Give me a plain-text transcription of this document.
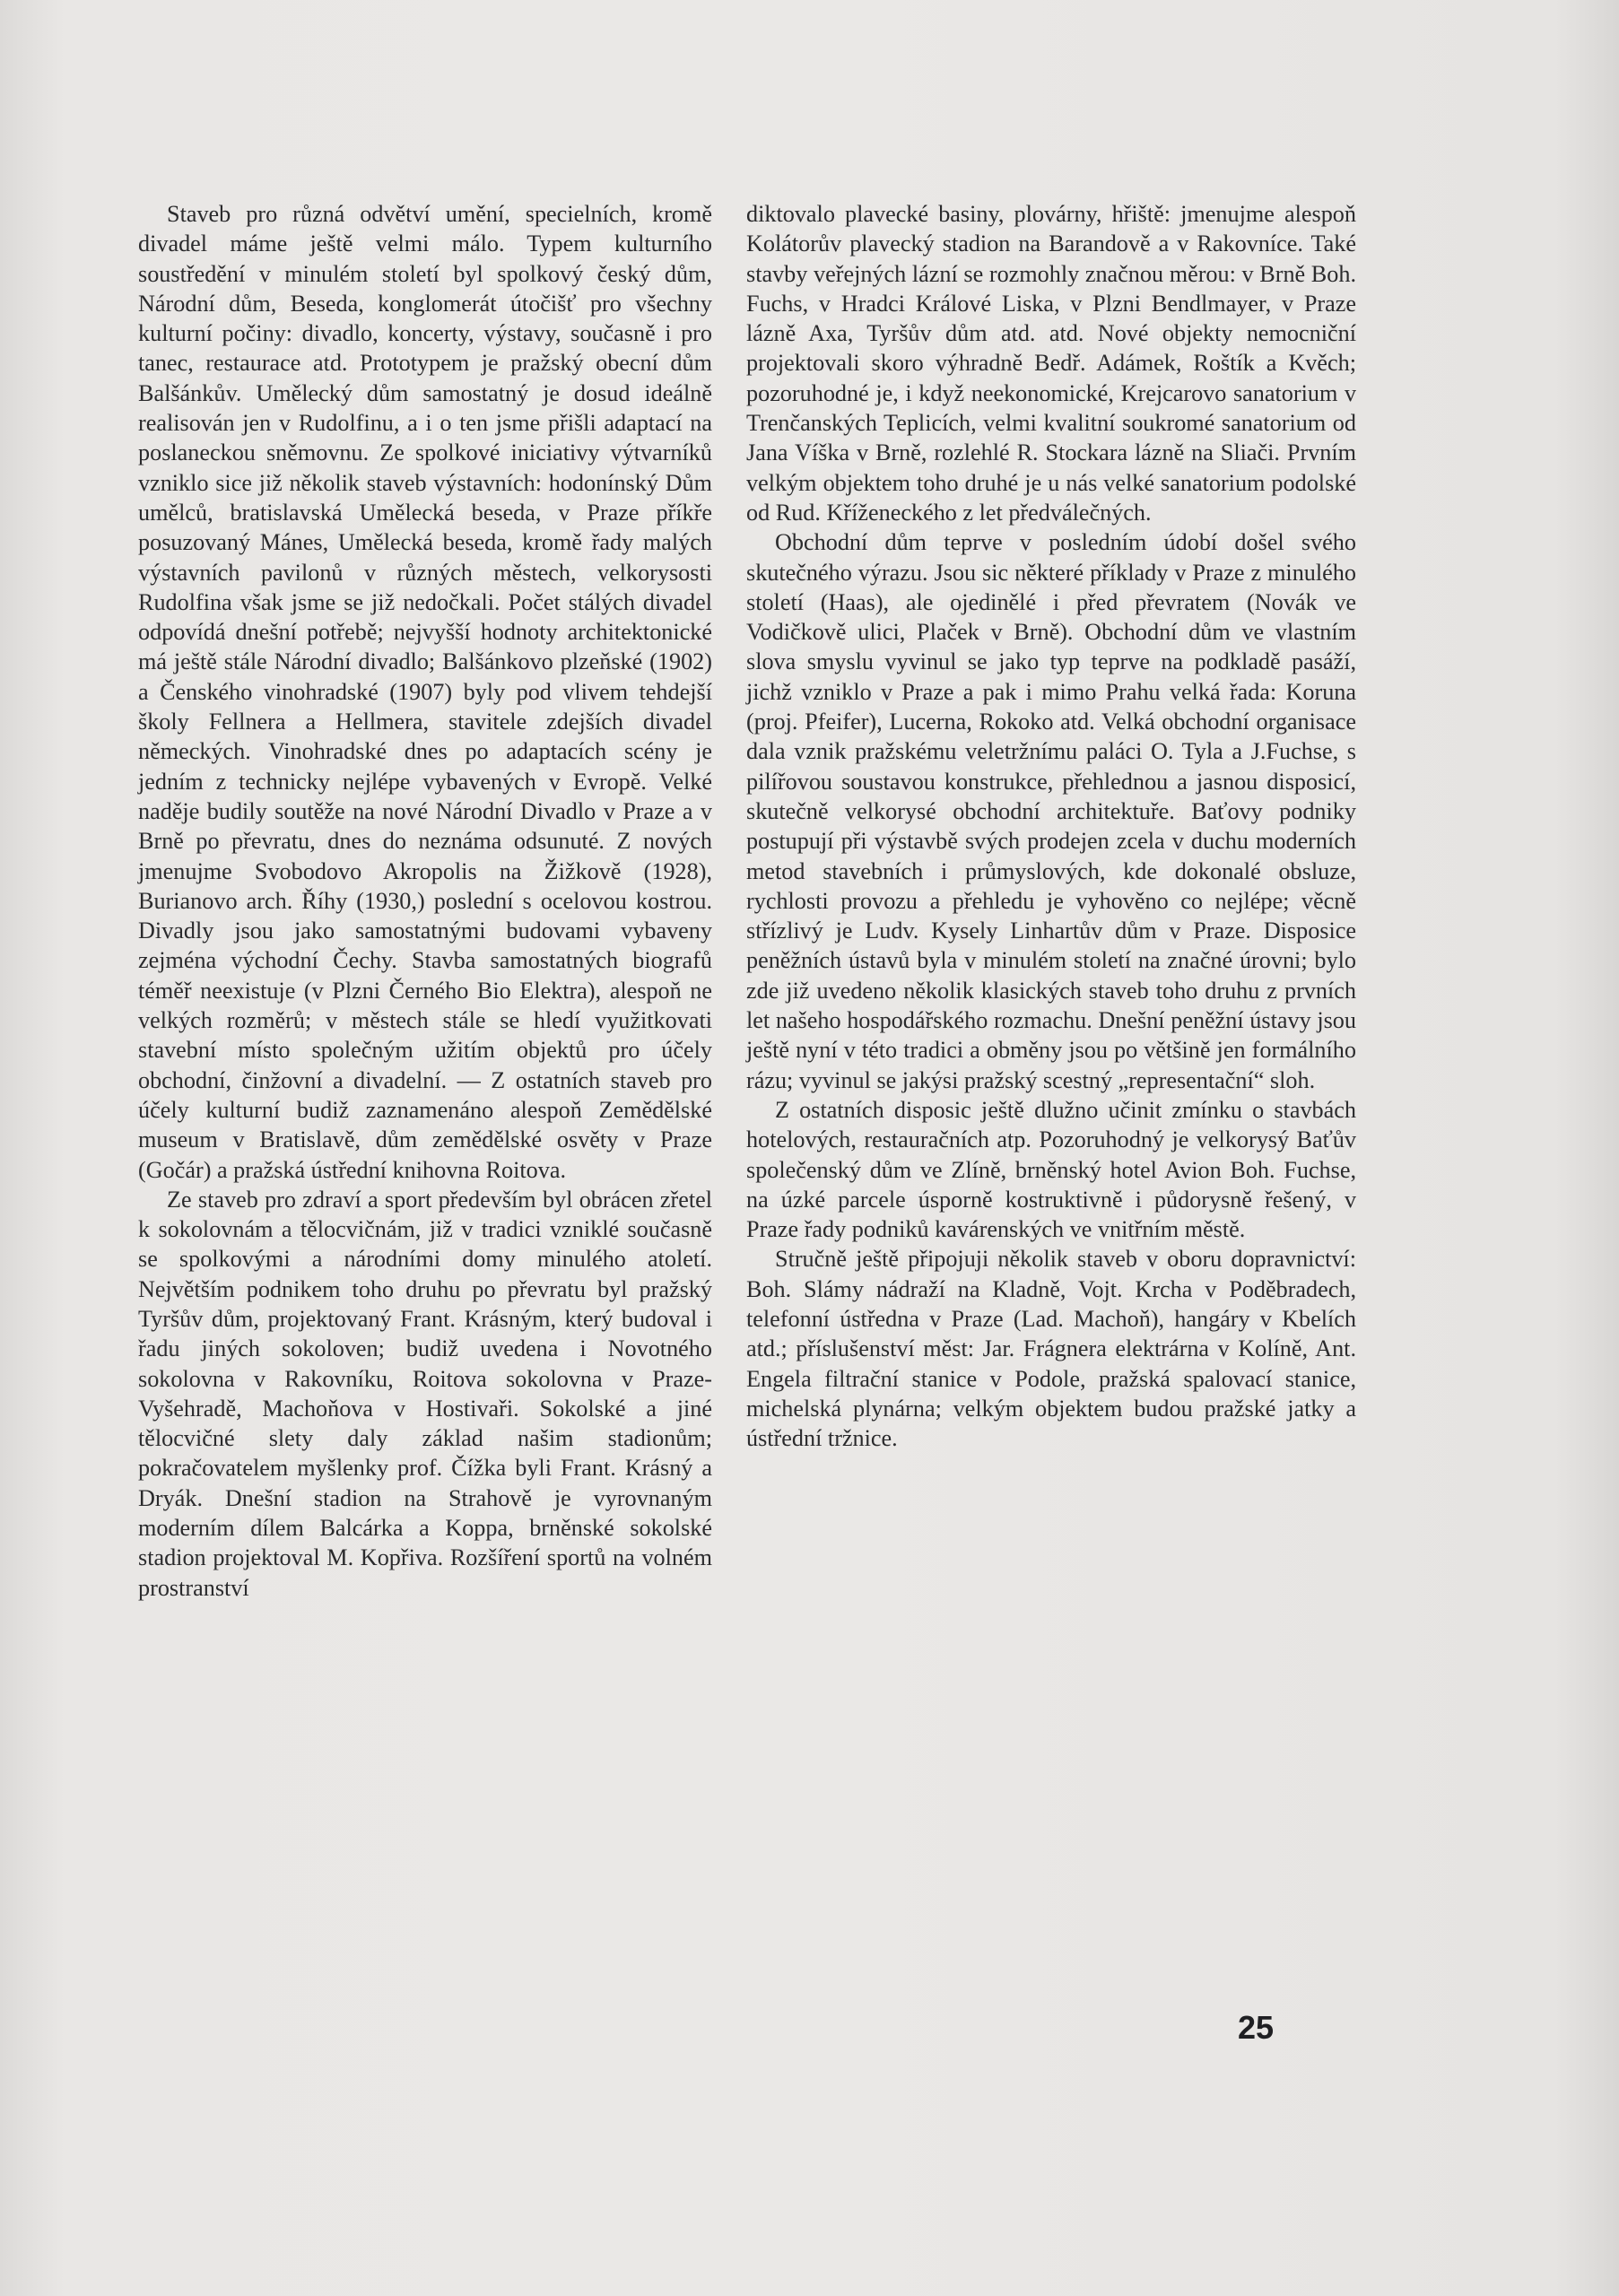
Staveb pro různá odvětví umění, specielních, kromě divadel máme ještě velmi málo. Typem kulturního soustředění v minulém století byl spolkový český dům, Národní dům, Beseda, konglomerát útočišť pro všechny kulturní počiny: divadlo, koncerty, výstavy, současně i pro tanec, restaurace atd. Prototypem je pražský obecní dům Balšánkův. Umělecký dům samostatný je dosud ideálně realisován jen v Rudolfinu, a i o ten jsme přišli adaptací na poslaneckou sněmovnu. Ze spolkové iniciativy výtvarníků vzniklo sice již několik staveb výstavních: hodonínský Dům umělců, bratislavská Umělecká beseda, v Praze příkře posuzovaný Mánes, Umělecká beseda, kromě řady malých výstavních pavilonů v různých městech, velkorysosti Rudolfina však jsme se již nedočkali. Počet stálých divadel odpovídá dnešní potřebě; nejvyšší hodnoty architektonické má ještě stále Národní divadlo; Balšánkovo plzeňské (1902) a Čenského vinohradské (1907) byly pod vlivem tehdejší školy Fellnera a Hellmera, stavitele zdejších divadel německých. Vinohradské dnes po adaptacích scény je jedním z technicky nejlépe vybavených v Evropě. Velké naděje budily soutěže na nové Národní Divadlo v Praze a v Brně po převratu, dnes do neznáma odsunuté. Z nových jmenujme Svobodovo Akropolis na Žižkově (1928), Burianovo arch. Říhy (1930,) poslední s ocelovou kostrou. Divadly jsou jako samostatnými budovami vybaveny zejména východní Čechy. Stavba samostatných biografů téměř neexistuje (v Plzni Černého Bio Elektra), alespoň ne velkých rozměrů; v městech stále se hledí využitkovati stavební místo společným užitím objektů pro účely obchodní, činžovní a divadelní. — Z ostatních staveb pro účely kulturní budiž zaznamenáno alespoň Zemědělské museum v Bratislavě, dům zemědělské osvěty v Praze (Gočár) a pražská ústřední knihovna Roitova.

Ze staveb pro zdraví a sport především byl obrácen zřetel k sokolovnám a tělocvičnám, již v tradici vzniklé současně se spolkovými a národními domy minulého atoletí. Největším podnikem toho druhu po převratu byl pražský Tyršův dům, projektovaný Frant. Krásným, který budoval i řadu jiných sokoloven; budiž uvedena i Novotného sokolovna v Rakovníku, Roitova sokolovna v Praze-Vyšehradě, Machoňova v Hostivaři. Sokolské a jiné tělocvičné slety daly základ našim stadionům; pokračovatelem myšlenky prof. Čížka byli Frant. Krásný a Dryák. Dnešní stadion na Strahově je vyrovnaným moderním dílem Balcárka a Koppa, brněnské sokolské stadion projektoval M. Kopřiva. Rozšíření sportů na volném prostranství

diktovalo plavecké basiny, plovárny, hřiště: jmenujme alespoň Kolátorův plavecký stadion na Barandově a v Rakovníce. Také stavby veřejných lázní se rozmohly značnou měrou: v Brně Boh. Fuchs, v Hradci Králové Liska, v Plzni Bendlmayer, v Praze lázně Axa, Tyršův dům atd. atd. Nové objekty nemocniční projektovali skoro výhradně Bedř. Adámek, Roštík a Kvěch; pozoruhodné je, i když neekonomické, Krejcarovo sanatorium v Trenčanských Teplicích, velmi kvalitní soukromé sanatorium od Jana Víška v Brně, rozlehlé R. Stockara lázně na Sliači. Prvním velkým objektem toho druhé je u nás velké sanatorium podolské od Rud. Kříženeckého z let předválečných.

Obchodní dům teprve v posledním údobí došel svého skutečného výrazu. Jsou sic některé příklady v Praze z minulého století (Haas), ale ojedinělé i před převratem (Novák ve Vodičkově ulici, Plaček v Brně). Obchodní dům ve vlastním slova smyslu vyvinul se jako typ teprve na podkladě pasáží, jichž vzniklo v Praze a pak i mimo Prahu velká řada: Koruna (proj. Pfeifer), Lucerna, Rokoko atd. Velká obchodní organisace dala vznik pražskému veletržnímu paláci O. Tyla a J.Fuchse, s pilířovou soustavou konstrukce, přehlednou a jasnou disposicí, skutečně velkorysé obchodní architektuře. Baťovy podniky postupují při výstavbě svých prodejen zcela v duchu moderních metod stavebních i průmyslových, kde dokonalé obsluze, rychlosti provozu a přehledu je vyhověno co nejlépe; věcně střízlivý je Ludv. Kysely Linhartův dům v Praze. Disposice peněžních ústavů byla v minulém století na značné úrovni; bylo zde již uvedeno několik klasických staveb toho druhu z prvních let našeho hospodářského rozmachu. Dnešní peněžní ústavy jsou ještě nyní v této tradici a obměny jsou po většině jen formálního rázu; vyvinul se jakýsi pražský scestný „representační“ sloh.

Z ostatních disposic ještě dlužno učinit zmínku o stavbách hotelových, restauračních atp. Pozoruhodný je velkorysý Baťův společenský dům ve Zlíně, brněnský hotel Avion Boh. Fuchse, na úzké parcele úsporně kostruktivně i půdorysně řešený, v Praze řady podniků kavárenských ve vnitřním městě.

Stručně ještě připojuji několik staveb v oboru dopravnictví: Boh. Slámy nádraží na Kladně, Vojt. Krcha v Poděbradech, telefonní ústředna v Praze (Lad. Machoň), hangáry v Kbelích atd.; příslušenství měst: Jar. Frágnera elektrárna v Kolíně, Ant. Engela filtrační stanice v Podole, pražská spalovací stanice, michelská plynárna; velkým objektem budou pražské jatky a ústřední tržnice.

25
